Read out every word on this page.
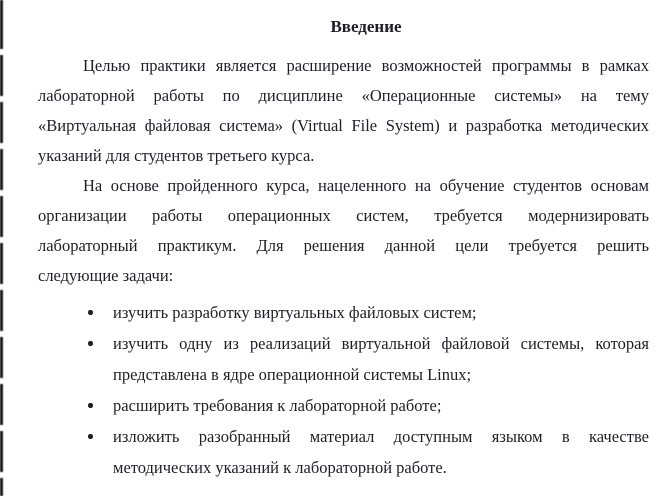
Введение

Целью практики является расширение возможностей программы в рамках
лабораторной работы по дисциплине «Операционные системы» на тему
«Виртуальная файловая система» (Virtual File System) и разработка методических
указаний для студентов третьего курса.

На основе пройденного курса, нацеленного на обучение студентов основам
организации работы операционных систем, требуется модернизировать
лабораторный практикум. Для решения данной цели требуется решить
следующие задачи:

изучить разработку виртуальных файловых систем;
изучить одну из реализаций виртуальной файловой системы, которая
представлена в ядре операционной системы Linux;
расширить требования к лабораторной работе;
изложить разобранный материал доступным языком в качестве
методических указаний к лабораторной работе.
